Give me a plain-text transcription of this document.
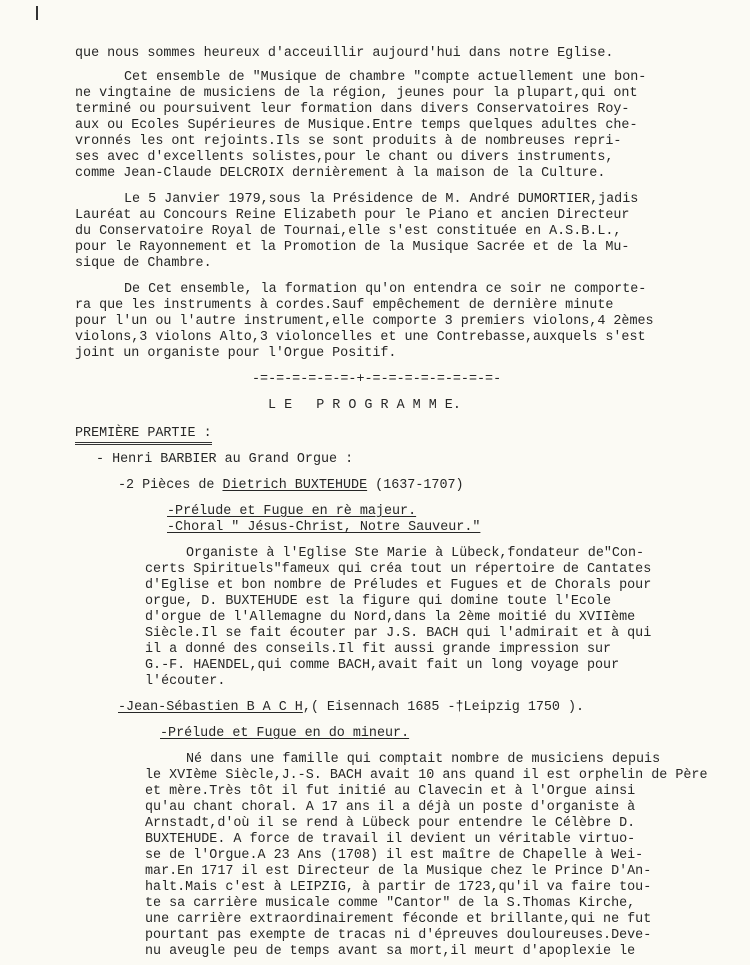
que nous sommes heureux d'acceuillir aujourd'hui dans notre Eglise.
Cet ensemble de "Musique de chambre "compte actuellement une bon-
ne vingtaine de musiciens de la région, jeunes pour la plupart,qui ont
terminé ou poursuivent leur formation dans divers Conservatoires Roy-
aux ou Ecoles Supérieures de Musique.Entre temps quelques adultes che-
vronnés les ont rejoints.Ils se sont produits à de nombreuses repri-
ses avec d'excellents solistes,pour le chant ou divers instruments,
comme Jean-Claude DELCROIX dernièrement à la maison de la Culture.
Le 5 Janvier 1979,sous la Présidence de M. André DUMORTIER,jadis
Lauréat au Concours Reine Elizabeth pour le Piano et ancien Directeur
du Conservatoire Royal de Tournai,elle s'est constituée en A.S.B.L.,
pour le Rayonnement et la Promotion de la Musique Sacrée et de la Mu-
sique de Chambre.
De Cet ensemble, la formation qu'on entendra ce soir ne comporte-
ra que les instruments à cordes.Sauf empêchement de dernière minute
pour l'un ou l'autre instrument,elle comporte 3 premiers violons,4 2èmes
violons,3 violons Alto,3 violoncelles et une Contrebasse,auxquels s'est
joint un organiste pour l'Orgue Positif.
-=-=-=-=-=-=-+-=-=-=-=-=-=-=-=-
L E   P R O G R A M M E.
PREMIÈRE PARTIE :
- Henri BARBIER au Grand Orgue :
-2 Pièces de Dietrich BUXTEHUDE (1637-1707)
-Prélude et Fugue en rè majeur.
-Choral " Jésus-Christ, Notre Sauveur."
Organiste à l'Eglise Ste Marie à Lübeck,fondateur de"Con-
certs Spirituels"fameux qui créa tout un répertoire de Cantates
d'Eglise et bon nombre de Préludes et Fugues et de Chorals pour
orgue, D. BUXTEHUDE est la figure qui domine toute l'Ecole
d'orgue de l'Allemagne du Nord,dans la 2ème moitié du XVIIème
Siècle.Il se fait écouter par J.S. BACH qui l'admirait et à qui
il a donné des conseils.Il fit aussi grande impression sur
G.-F. HAENDEL,qui comme BACH,avait fait un long voyage pour
l'écouter.
-Jean-Sébastien B A C H,( Eisennach 1685 -†Leipzig 1750 ).
-Prélude et Fugue en do mineur.
Né dans une famille qui comptait nombre de musiciens depuis
le XVIème Siècle,J.-S. BACH avait 10 ans quand il est orphelin de Père
et mère.Très tôt il fut initié au Clavecin et à l'Orgue ainsi
qu'au chant choral. A 17 ans il a déjà un poste d'organiste à
Arnstadt,d'où il se rend à Lübeck pour entendre le Célèbre D.
BUXTEHUDE. A force de travail il devient un véritable virtuo-
se de l'Orgue.A 23 Ans (1708) il est maître de Chapelle à Wei-
mar.En 1717 il est Directeur de la Musique chez le Prince D'An-
halt.Mais c'est à LEIPZIG, à partir de 1723,qu'il va faire tou-
te sa carrière musicale comme "Cantor" de la S.Thomas Kirche,
une carrière extraordinairement féconde et brillante,qui ne fut
pourtant pas exempte de tracas ni d'épreuves douloureuses.Deve-
nu aveugle peu de temps avant sa mort,il meurt d'apoplexie le
